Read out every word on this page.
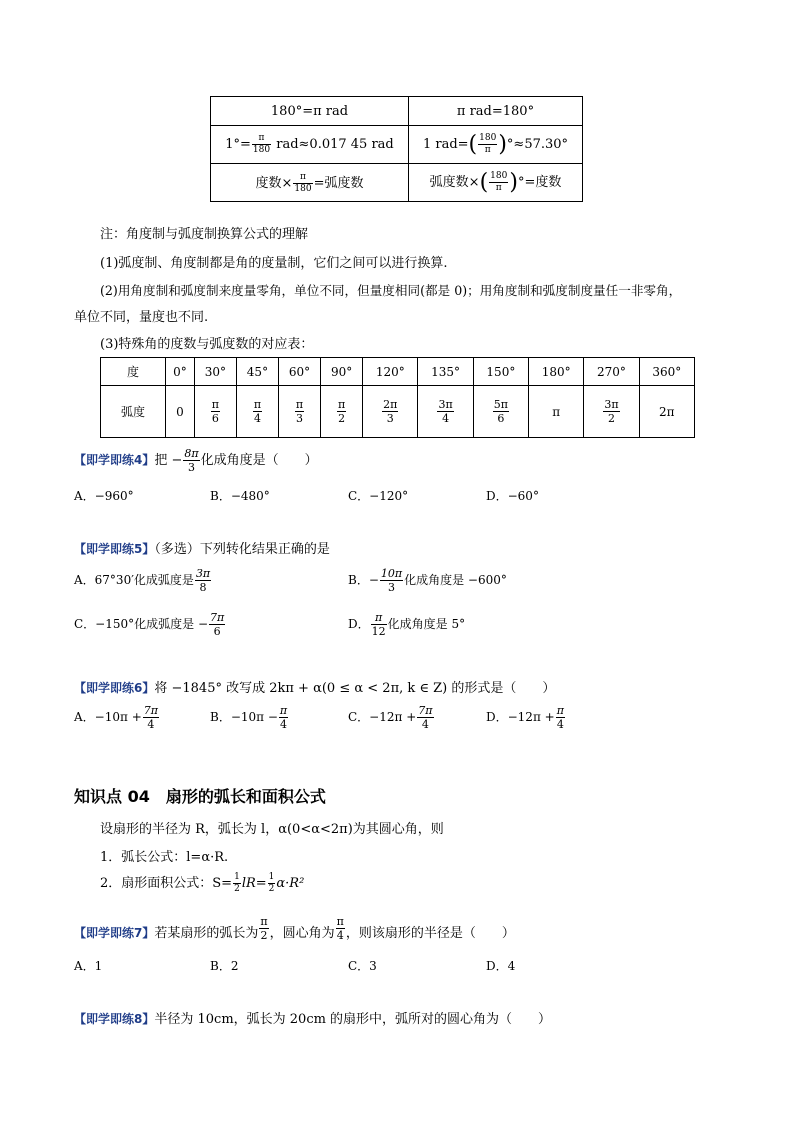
180°=π rad	π rad=180°
$1^\circ= \frac{\pi}{180} rad\approx 0.017$ 45 rad	1 $rad=( \frac{180}{\pi} )^\circ\approx 57.30^\circ$
度数× $\frac{\pi}{180}$ =弧度数	弧度数×( $\frac{180}{\pi}$ )°=度数
注：角度制与弧度制换算公式的理解
(1)弧度制、角度制都是角的度量制，它们之间可以进行换算.
(2)用角度制和弧度制来度量零角，单位不同，但量度相同(都是 0)；用角度制和弧度制度量任一非零角，
单位不同，量度也不同.
(3)特殊角的度数与弧度数的对应表：
度	0°	30°	45°	60°	90°	120°	135°	150°	180°	270°	360°
弧度	0	$\frac{\pi}{6}$	$\frac{\pi}{4}$	$\frac{\pi}{3}$	$\frac{\pi}{2}$	$\frac{2\pi}{3}$	$\frac{3\pi}{4}$	$\frac{5\pi}{6}$	π	$\frac{3\pi}{2}$	2π
【即学即练4】把 − $\frac{8\pi}{3}$ 化成角度是（　　）
A．−960°	B．−480°	C．−120°	D．−60°
【即学即练5】（多选）下列转化结果正确的是
A．67°30′化成弧度是 $\frac{3\pi}{8}$	B．− $\frac{10\pi}{3}$ 化成角度是 −600°
C．−150°化成弧度是 − $\frac{7\pi}{6}$	D． $\frac{\pi}{12}$ 化成角度是 5°
【即学即练6】将 −1845° 改写成 2kπ + α(0 ≤ α < 2π, k ∈ Z) 的形式是（　　）
A．$-10\pi + \frac{7\pi}{4}$	B．$-10\pi - \frac{\pi}{4}$	C．$-12\pi + \frac{7\pi}{4}$	D．$-12\pi + \frac{\pi}{4}$
知识点 04　扇形的弧长和面积公式
设扇形的半径为 R，弧长为 l，α(0<α<2π)为其圆心角，则
1．弧长公式：l=α·R.
2．扇形面积公式：$S= \frac{1}{2} lR= \frac{1}{2} \alpha\cdot R^2$
【即学即练7】若某扇形的弧长为 $\frac{\pi}{2}$ ，圆心角为 $\frac{\pi}{4}$ ，则该扇形的半径是（　　）
A．1	B．2	C．3	D．4
【即学即练8】半径为 10cm，弧长为 20cm 的扇形中，弧所对的圆心角为（　　）
